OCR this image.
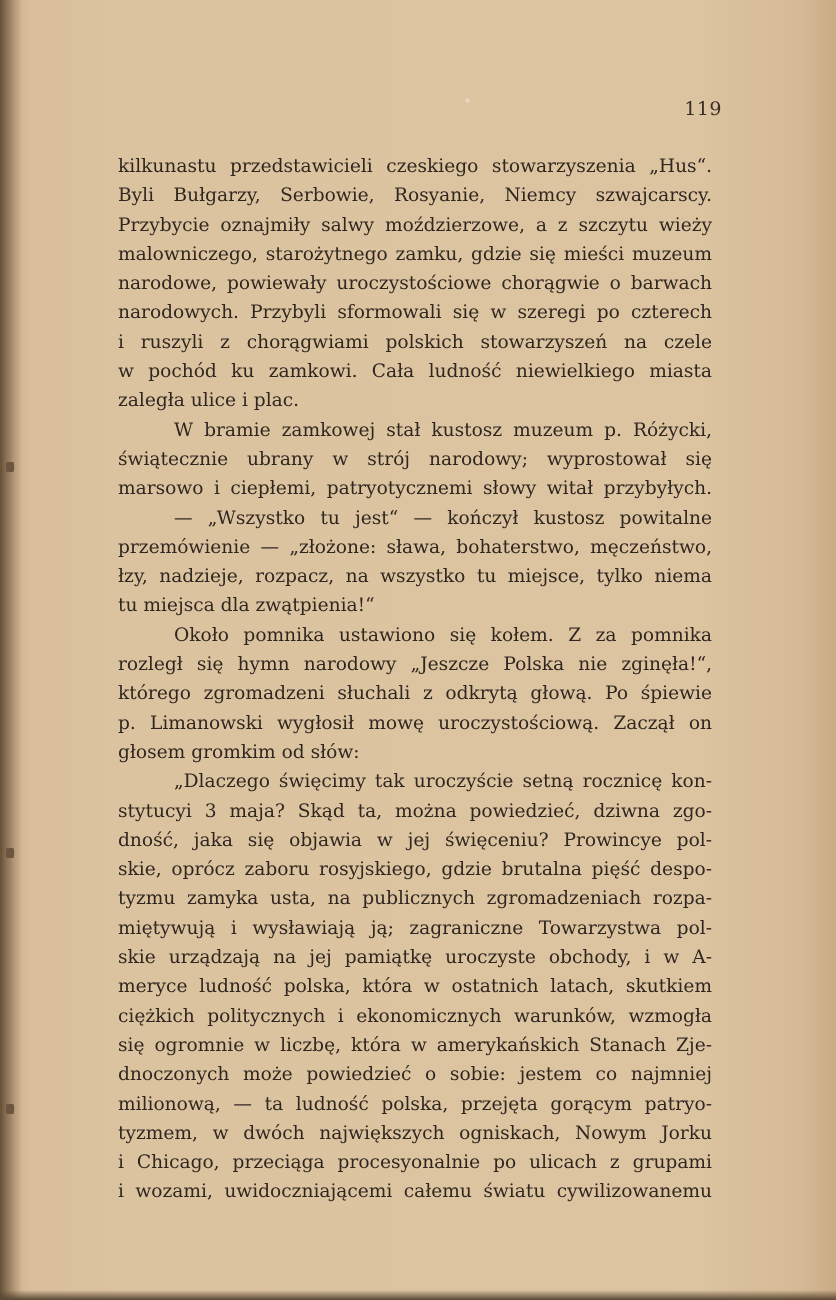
119
kilkunastu przedstawicieli czeskiego stowarzyszenia „Hus“.
Byli Bułgarzy, Serbowie, Rosyanie, Niemcy szwajcarscy.
Przybycie oznajmiły salwy moździerzowe, a z szczytu wieży
malowniczego, starożytnego zamku, gdzie się mieści muzeum
narodowe, powiewały uroczystościowe chorągwie o barwach
narodowych. Przybyli sformowali się w szeregi po czterech
i ruszyli z chorągwiami polskich stowarzyszeń na czele
w pochód ku zamkowi. Cała ludność niewielkiego miasta
zaległa ulice i plac.
W bramie zamkowej stał kustosz muzeum p. Różycki,
świątecznie ubrany w strój narodowy; wyprostował się
marsowo i ciepłemi, patryotycznemi słowy witał przybyłych.
— „Wszystko tu jest“ — kończył kustosz powitalne
przemówienie — „złożone: sława, bohaterstwo, męczeństwo,
łzy, nadzieje, rozpacz, na wszystko tu miejsce, tylko niema
tu miejsca dla zwątpienia!“
Około pomnika ustawiono się kołem. Z za pomnika
rozległ się hymn narodowy „Jeszcze Polska nie zginęła!“,
którego zgromadzeni słuchali z odkrytą głową. Po śpiewie
p. Limanowski wygłosił mowę uroczystościową. Zaczął on
głosem gromkim od słów:
„Dlaczego święcimy tak uroczyście setną rocznicę kon-
stytucyi 3 maja? Skąd ta, można powiedzieć, dziwna zgo-
dność, jaka się objawia w jej święceniu? Prowincye pol-
skie, oprócz zaboru rosyjskiego, gdzie brutalna pięść despo-
tyzmu zamyka usta, na publicznych zgromadzeniach rozpa-
miętywują i wysławiają ją; zagraniczne Towarzystwa pol-
skie urządzają na jej pamiątkę uroczyste obchody, i w A-
meryce ludność polska, która w ostatnich latach, skutkiem
ciężkich politycznych i ekonomicznych warunków, wzmogła
się ogromnie w liczbę, która w amerykańskich Stanach Zje-
dnoczonych może powiedzieć o sobie: jestem co najmniej
milionową, — ta ludność polska, przejęta gorącym patryo-
tyzmem, w dwóch największych ogniskach, Nowym Jorku
i Chicago, przeciąga procesyonalnie po ulicach z grupami
i wozami, uwidoczniającemi całemu światu cywilizowanemu
